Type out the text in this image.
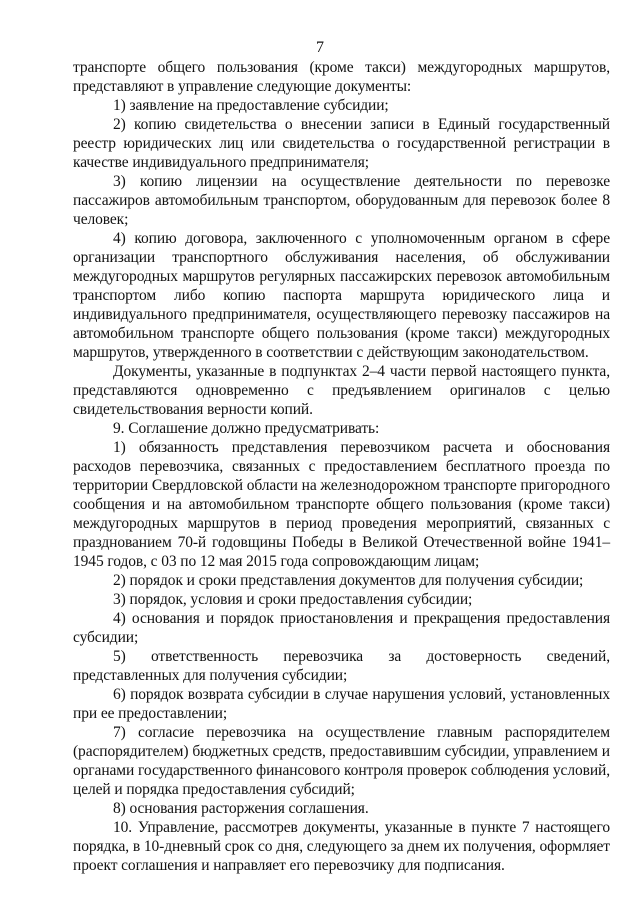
7

транспорте общего пользования (кроме такси) междугородных маршрутов, представляют в управление следующие документы:

1) заявление на предоставление субсидии;

2) копию свидетельства о внесении записи в Единый государственный реестр юридических лиц или свидетельства о государственной регистрации в качестве индивидуального предпринимателя;

3) копию лицензии на осуществление деятельности по перевозке пассажиров автомобильным транспортом, оборудованным для перевозок более 8 человек;

4) копию договора, заключенного с уполномоченным органом в сфере организации транспортного обслуживания населения, об обслуживании междугородных маршрутов регулярных пассажирских перевозок автомобильным транспортом либо копию паспорта маршрута юридического лица и индивидуального предпринимателя, осуществляющего перевозку пассажиров на автомобильном транспорте общего пользования (кроме такси) междугородных маршрутов, утвержденного в соответствии с действующим законодательством.

Документы, указанные в подпунктах 2–4 части первой настоящего пункта, представляются одновременно с предъявлением оригиналов с целью свидетельствования верности копий.

9. Соглашение должно предусматривать:

1) обязанность представления перевозчиком расчета и обоснования расходов перевозчика, связанных с предоставлением бесплатного проезда по территории Свердловской области на железнодорожном транспорте пригородного сообщения и на автомобильном транспорте общего пользования (кроме такси) междугородных маршрутов в период проведения мероприятий, связанных с празднованием 70-й годовщины Победы в Великой Отечественной войне 1941–1945 годов, с 03 по 12 мая 2015 года сопровождающим лицам;

2) порядок и сроки представления документов для получения субсидии;

3) порядок, условия и сроки предоставления субсидии;

4) основания и порядок приостановления и прекращения предоставления субсидии;

5) ответственность перевозчика за достоверность сведений, представленных для получения субсидии;

6) порядок возврата субсидии в случае нарушения условий, установленных при ее предоставлении;

7) согласие перевозчика на осуществление главным распорядителем (распорядителем) бюджетных средств, предоставившим субсидии, управлением и органами государственного финансового контроля проверок соблюдения условий, целей и порядка предоставления субсидий;

8) основания расторжения соглашения.

10. Управление, рассмотрев документы, указанные в пункте 7 настоящего порядка, в 10-дневный срок со дня, следующего за днем их получения, оформляет проект соглашения и направляет его перевозчику для подписания.
